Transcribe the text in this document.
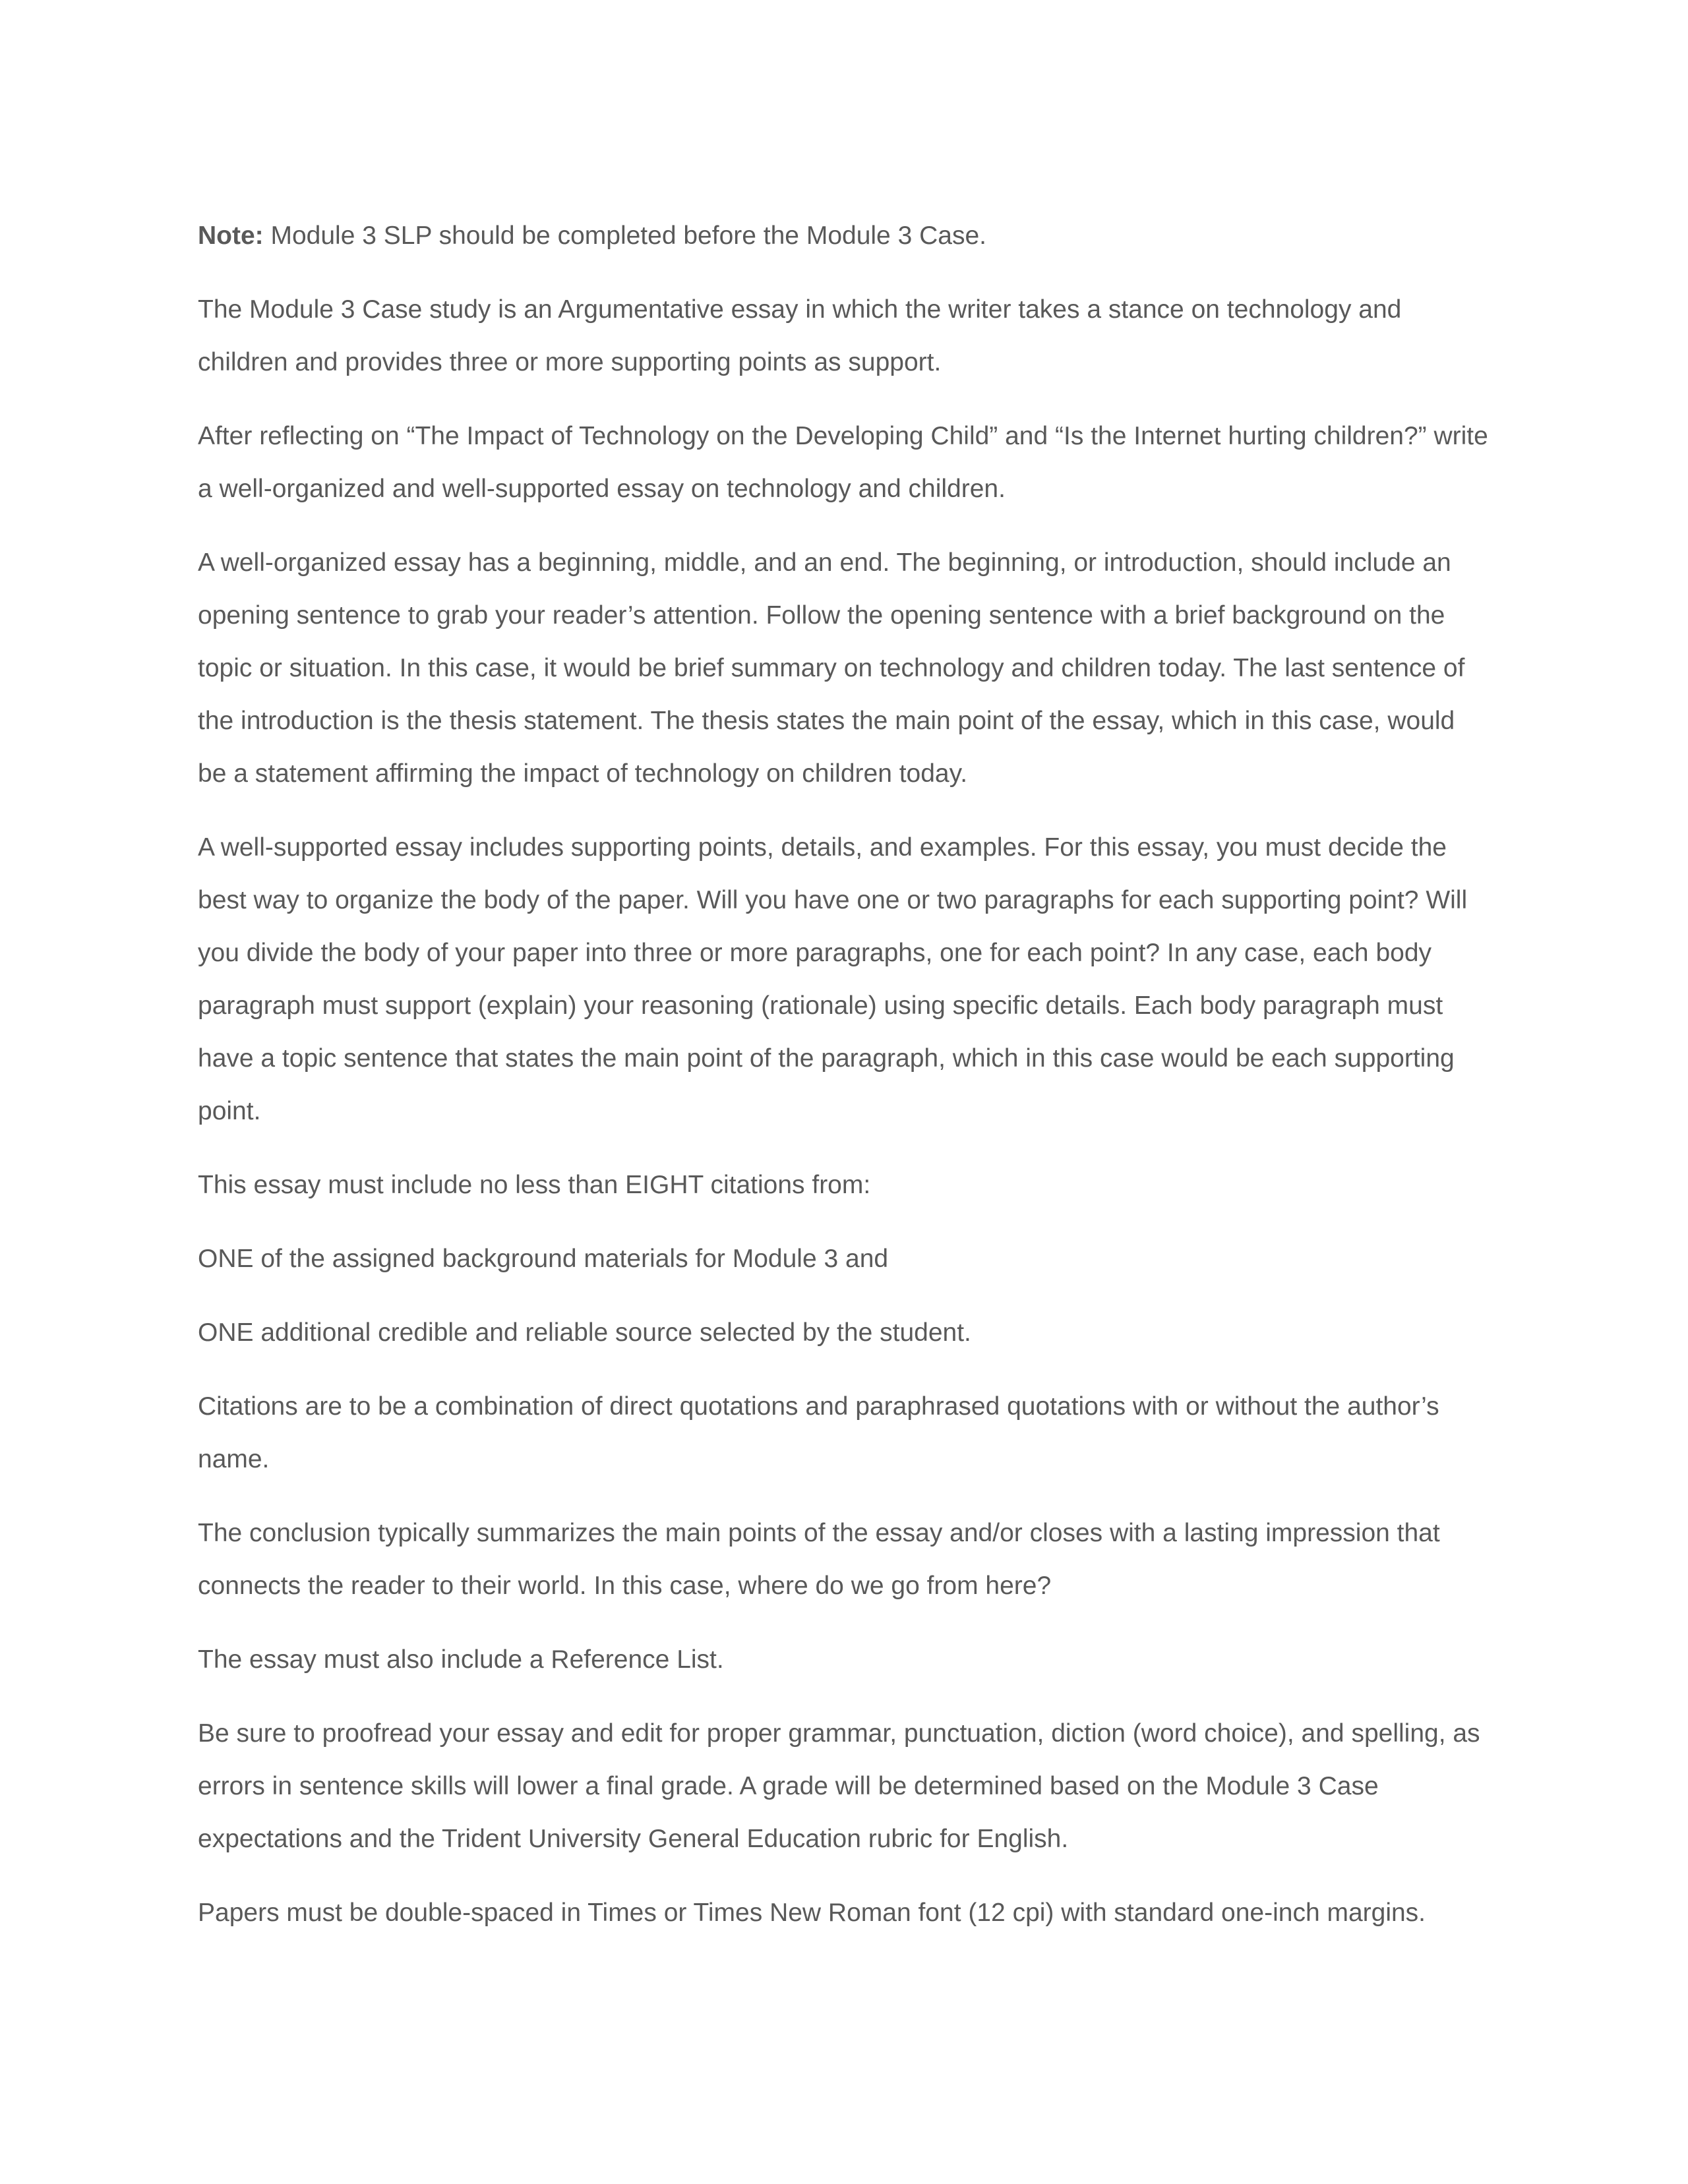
Note: Module 3 SLP should be completed before the Module 3 Case.

The Module 3 Case study is an Argumentative essay in which the writer takes a stance on technology and children and provides three or more supporting points as support.

After reflecting on “The Impact of Technology on the Developing Child” and “Is the Internet hurting children?” write a well-organized and well-supported essay on technology and children.

A well-organized essay has a beginning, middle, and an end. The beginning, or introduction, should include an opening sentence to grab your reader’s attention. Follow the opening sentence with a brief background on the topic or situation. In this case, it would be brief summary on technology and children today. The last sentence of the introduction is the thesis statement. The thesis states the main point of the essay, which in this case, would be a statement affirming the impact of technology on children today.

A well-supported essay includes supporting points, details, and examples. For this essay, you must decide the best way to organize the body of the paper. Will you have one or two paragraphs for each supporting point? Will you divide the body of your paper into three or more paragraphs, one for each point? In any case, each body paragraph must support (explain) your reasoning (rationale) using specific details. Each body paragraph must have a topic sentence that states the main point of the paragraph, which in this case would be each supporting point.

This essay must include no less than EIGHT citations from:

ONE of the assigned background materials for Module 3 and

ONE additional credible and reliable source selected by the student.

Citations are to be a combination of direct quotations and paraphrased quotations with or without the author’s name.

The conclusion typically summarizes the main points of the essay and/or closes with a lasting impression that connects the reader to their world. In this case, where do we go from here?

The essay must also include a Reference List.

Be sure to proofread your essay and edit for proper grammar, punctuation, diction (word choice), and spelling, as errors in sentence skills will lower a final grade. A grade will be determined based on the Module 3 Case expectations and the Trident University General Education rubric for English.

Papers must be double-spaced in Times or Times New Roman font (12 cpi) with standard one-inch margins.
